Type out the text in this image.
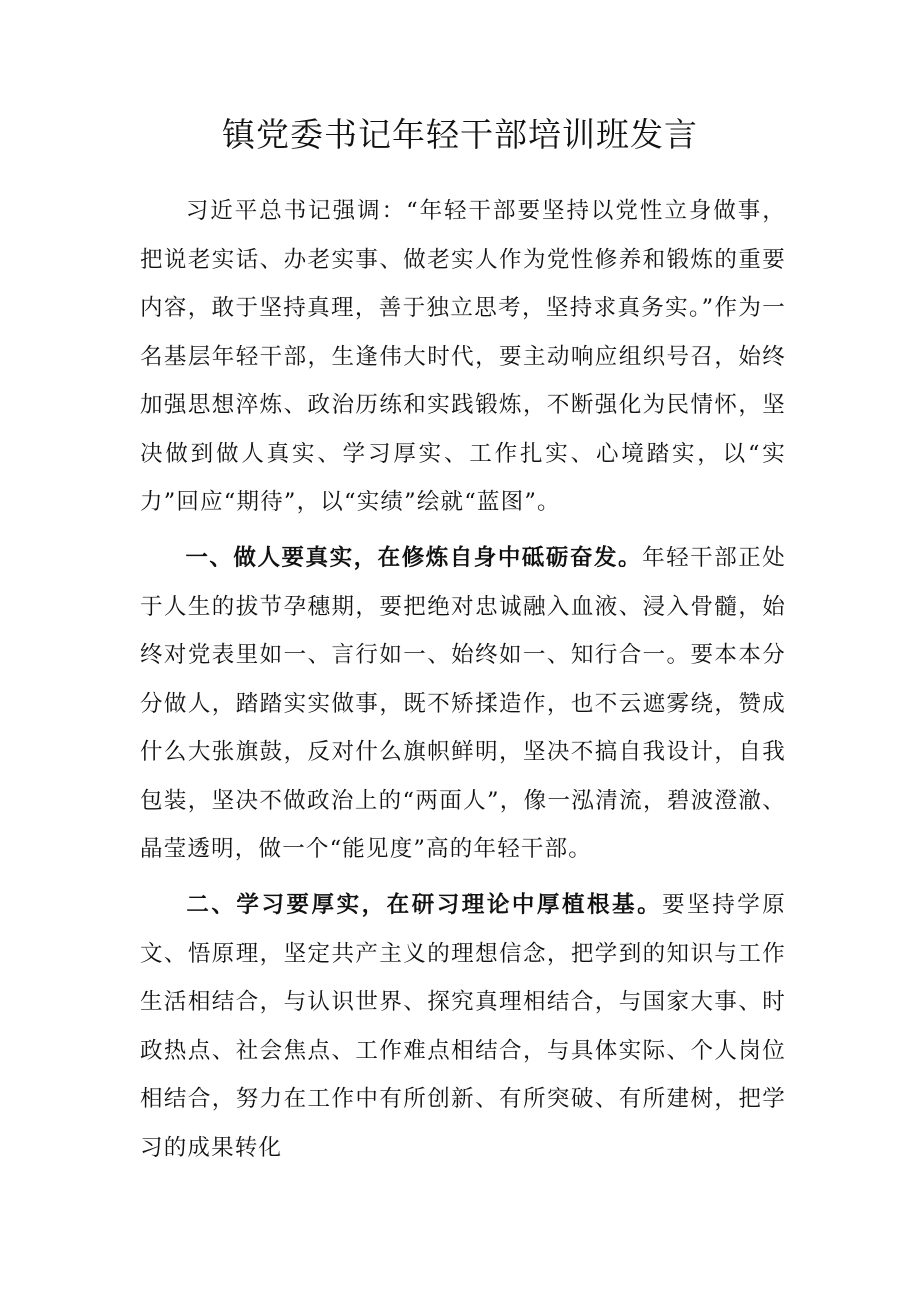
镇党委书记年轻干部培训班发言

习近平总书记强调：“年轻干部要坚持以党性立身做事，把说老实话、办老实事、做老实人作为党性修养和锻炼的重要内容，敢于坚持真理，善于独立思考，坚持求真务实。”作为一名基层年轻干部，生逢伟大时代，要主动响应组织号召，始终加强思想淬炼、政治历练和实践锻炼，不断强化为民情怀，坚决做到做人真实、学习厚实、工作扎实、心境踏实，以“实力”回应“期待”，以“实绩”绘就“蓝图”。

一、做人要真实，在修炼自身中砥砺奋发。年轻干部正处于人生的拔节孕穗期，要把绝对忠诚融入血液、浸入骨髓，始终对党表里如一、言行如一、始终如一、知行合一。要本本分分做人，踏踏实实做事，既不矫揉造作，也不云遮雾绕，赞成什么大张旗鼓，反对什么旗帜鲜明，坚决不搞自我设计，自我包装，坚决不做政治上的“两面人”，像一泓清流，碧波澄澈、晶莹透明，做一个“能见度”高的年轻干部。

二、学习要厚实，在研习理论中厚植根基。要坚持学原文、悟原理，坚定共产主义的理想信念，把学到的知识与工作生活相结合，与认识世界、探究真理相结合，与国家大事、时政热点、社会焦点、工作难点相结合，与具体实际、个人岗位相结合，努力在工作中有所创新、有所突破、有所建树，把学习的成果转化
